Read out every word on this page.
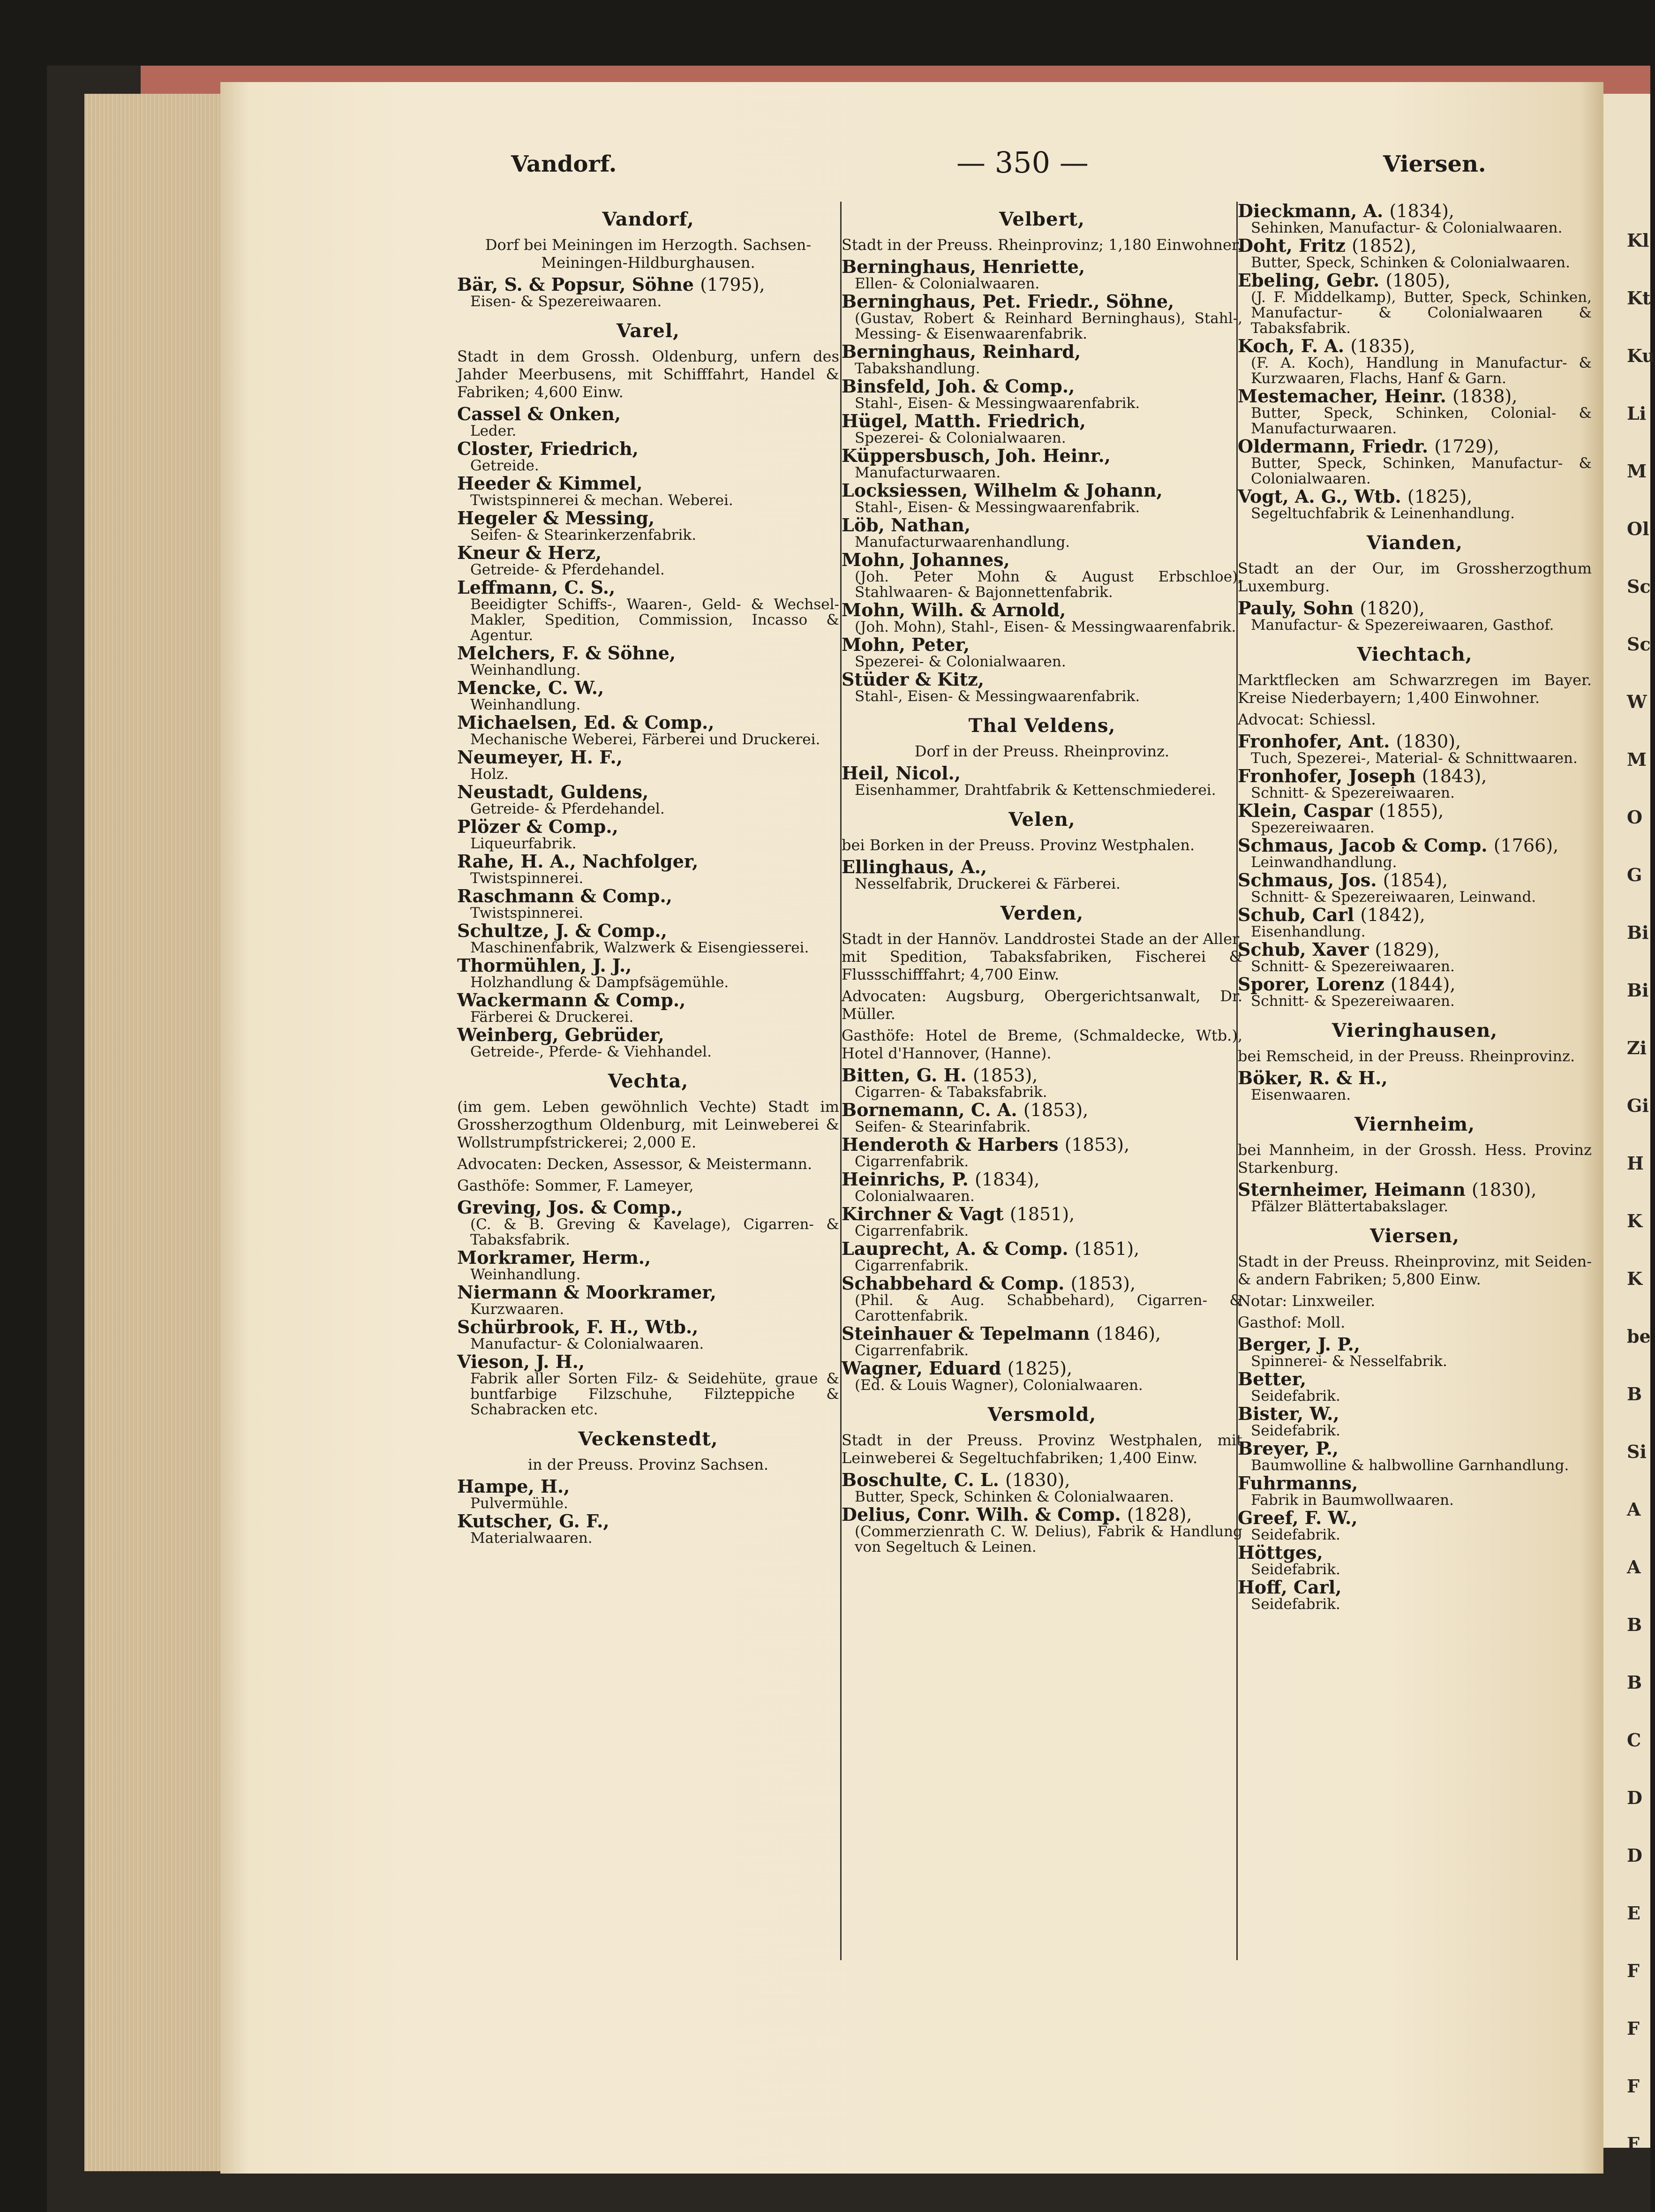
Kl
Kt
Ku
Li
M
Ol
Sc
Sc
W
M
O
G
Bi
Bi
Zi
Gi
H
K
K
be
B
Si
A
A
B
B
C
D
D
E
F
F
F
F
Vandorf.	— 350 —	Viersen.
Vandorf,
Dorf bei Meiningen im Herzogth. Sachsen-Meiningen-Hildburghausen.
Bär, S. & Popsur, Söhne (1795),
Eisen- & Spezereiwaaren.
Varel,
Stadt in dem Grossh. Oldenburg, unfern des Jahder Meerbusens, mit Schifffahrt, Handel & Fabriken; 4,600 Einw.
Cassel & Onken,
Leder.
Closter, Friedrich,
Getreide.
Heeder & Kimmel,
Twistspinnerei & mechan. Weberei.
Hegeler & Messing,
Seifen- & Stearinkerzenfabrik.
Kneur & Herz,
Getreide- & Pferdehandel.
Leffmann, C. S.,
Beeidigter Schiffs-, Waaren-, Geld- & Wechsel-Makler, Spedition, Commission, Incasso & Agentur.
Melchers, F. & Söhne,
Weinhandlung.
Mencke, C. W.,
Weinhandlung.
Michaelsen, Ed. & Comp.,
Mechanische Weberei, Färberei und Druckerei.
Neumeyer, H. F.,
Holz.
Neustadt, Guldens,
Getreide- & Pferdehandel.
Plözer & Comp.,
Liqueurfabrik.
Rahe, H. A., Nachfolger,
Twistspinnerei.
Raschmann & Comp.,
Twistspinnerei.
Schultze, J. & Comp.,
Maschinenfabrik, Walzwerk & Eisengiesserei.
Thormühlen, J. J.,
Holzhandlung & Dampfsägemühle.
Wackermann & Comp.,
Färberei & Druckerei.
Weinberg, Gebrüder,
Getreide-, Pferde- & Viehhandel.
Vechta,
(im gem. Leben gewöhnlich Vechte) Stadt im Grossherzogthum Oldenburg, mit Leinweberei & Wollstrumpfstrickerei; 2,000 E.
Advocaten: Decken, Assessor, & Meistermann.
Gasthöfe: Sommer, F. Lameyer,
Greving, Jos. & Comp.,
(C. & B. Greving & Kavelage), Cigarren- & Tabaksfabrik.
Morkramer, Herm.,
Weinhandlung.
Niermann & Moorkramer,
Kurzwaaren.
Schürbrook, F. H., Wtb.,
Manufactur- & Colonialwaaren.
Vieson, J. H.,
Fabrik aller Sorten Filz- & Seidehüte, graue & buntfarbige Filzschuhe, Filzteppiche & Schabracken etc.
Veckenstedt,
in der Preuss. Provinz Sachsen.
Hampe, H.,
Pulvermühle.
Kutscher, G. F.,
Materialwaaren.
Velbert,
Stadt in der Preuss. Rheinprovinz; 1,180 Einwohner.
Berninghaus, Henriette,
Ellen- & Colonialwaaren.
Berninghaus, Pet. Friedr., Söhne,
(Gustav, Robert & Reinhard Berninghaus), Stahl-, Messing- & Eisenwaarenfabrik.
Berninghaus, Reinhard,
Tabakshandlung.
Binsfeld, Joh. & Comp.,
Stahl-, Eisen- & Messingwaarenfabrik.
Hügel, Matth. Friedrich,
Spezerei- & Colonialwaaren.
Küppersbusch, Joh. Heinr.,
Manufacturwaaren.
Locksiessen, Wilhelm & Johann,
Stahl-, Eisen- & Messingwaarenfabrik.
Löb, Nathan,
Manufacturwaarenhandlung.
Mohn, Johannes,
(Joh. Peter Mohn & August Erbschloe), Stahlwaaren- & Bajonnettenfabrik.
Mohn, Wilh. & Arnold,
(Joh. Mohn), Stahl-, Eisen- & Messingwaarenfabrik.
Mohn, Peter,
Spezerei- & Colonialwaaren.
Stüder & Kitz,
Stahl-, Eisen- & Messingwaarenfabrik.
Thal Veldens,
Dorf in der Preuss. Rheinprovinz.
Heil, Nicol.,
Eisenhammer, Drahtfabrik & Kettenschmiederei.
Velen,
bei Borken in der Preuss. Provinz Westphalen.
Ellinghaus, A.,
Nesselfabrik, Druckerei & Färberei.
Verden,
Stadt in der Hannöv. Landdrostei Stade an der Aller, mit Spedition, Tabaksfabriken, Fischerei & Flussschifffahrt; 4,700 Einw.
Advocaten: Augsburg, Obergerichtsanwalt, Dr. Müller.
Gasthöfe: Hotel de Breme, (Schmaldecke, Wtb.), Hotel d'Hannover, (Hanne).
Bitten, G. H. (1853),
Cigarren- & Tabaksfabrik.
Bornemann, C. A. (1853),
Seifen- & Stearinfabrik.
Henderoth & Harbers (1853),
Cigarrenfabrik.
Heinrichs, P. (1834),
Colonialwaaren.
Kirchner & Vagt (1851),
Cigarrenfabrik.
Lauprecht, A. & Comp. (1851),
Cigarrenfabrik.
Schabbehard & Comp. (1853),
(Phil. & Aug. Schabbehard), Cigarren- & Carottenfabrik.
Steinhauer & Tepelmann (1846),
Cigarrenfabrik.
Wagner, Eduard (1825),
(Ed. & Louis Wagner), Colonialwaaren.
Versmold,
Stadt in der Preuss. Provinz Westphalen, mit Leinweberei & Segeltuchfabriken; 1,400 Einw.
Boschulte, C. L. (1830),
Butter, Speck, Schinken & Colonialwaaren.
Delius, Conr. Wilh. & Comp. (1828),
(Commerzienrath C. W. Delius), Fabrik & Handlung von Segeltuch & Leinen.
Dieckmann, A. (1834),
Sehinken, Manufactur- & Colonialwaaren.
Doht, Fritz (1852),
Butter, Speck, Schinken & Colonialwaaren.
Ebeling, Gebr. (1805),
(J. F. Middelkamp), Butter, Speck, Schinken, Manufactur- & Colonialwaaren & Tabaksfabrik.
Koch, F. A. (1835),
(F. A. Koch), Handlung in Manufactur- & Kurzwaaren, Flachs, Hanf & Garn.
Mestemacher, Heinr. (1838),
Butter, Speck, Schinken, Colonial- & Manufacturwaaren.
Oldermann, Friedr. (1729),
Butter, Speck, Schinken, Manufactur- & Colonialwaaren.
Vogt, A. G., Wtb. (1825),
Segeltuchfabrik & Leinenhandlung.
Vianden,
Stadt an der Our, im Grossherzogthum Luxemburg.
Pauly, Sohn (1820),
Manufactur- & Spezereiwaaren, Gasthof.
Viechtach,
Marktflecken am Schwarzregen im Bayer. Kreise Niederbayern; 1,400 Einwohner.
Advocat: Schiessl.
Fronhofer, Ant. (1830),
Tuch, Spezerei-, Material- & Schnittwaaren.
Fronhofer, Joseph (1843),
Schnitt- & Spezereiwaaren.
Klein, Caspar (1855),
Spezereiwaaren.
Schmaus, Jacob & Comp. (1766),
Leinwandhandlung.
Schmaus, Jos. (1854),
Schnitt- & Spezereiwaaren, Leinwand.
Schub, Carl (1842),
Eisenhandlung.
Schub, Xaver (1829),
Schnitt- & Spezereiwaaren.
Sporer, Lorenz (1844),
Schnitt- & Spezereiwaaren.
Vieringhausen,
bei Remscheid, in der Preuss. Rheinprovinz.
Böker, R. & H.,
Eisenwaaren.
Viernheim,
bei Mannheim, in der Grossh. Hess. Provinz Starkenburg.
Sternheimer, Heimann (1830),
Pfälzer Blättertabakslager.
Viersen,
Stadt in der Preuss. Rheinprovinz, mit Seiden- & andern Fabriken; 5,800 Einw.
Notar: Linxweiler.
Gasthof: Moll.
Berger, J. P.,
Spinnerei- & Nesselfabrik.
Better,
Seidefabrik.
Bister, W.,
Seidefabrik.
Breyer, P.,
Baumwolline & halbwolline Garnhandlung.
Fuhrmanns,
Fabrik in Baumwollwaaren.
Greef, F. W.,
Seidefabrik.
Höttges,
Seidefabrik.
Hoff, Carl,
Seidefabrik.
